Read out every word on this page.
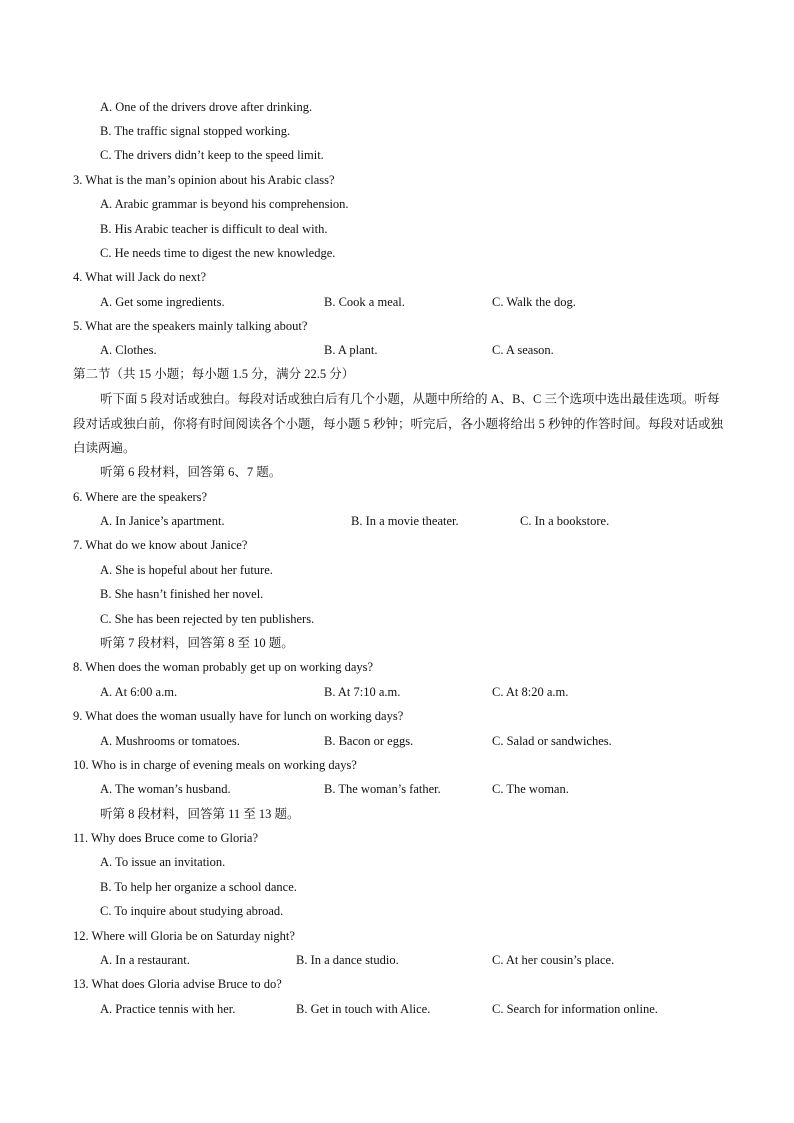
A. One of the drivers drove after drinking.
B. The traffic signal stopped working.
C. The drivers didn’t keep to the speed limit.
3. What is the man’s opinion about his Arabic class?
A. Arabic grammar is beyond his comprehension.
B. His Arabic teacher is difficult to deal with.
C. He needs time to digest the new knowledge.
4. What will Jack do next?
A. Get some ingredients.	B. Cook a meal.	C. Walk the dog.
5. What are the speakers mainly talking about?
A. Clothes.	B. A plant.	C. A season.
第二节（共 15 小题；每小题 1.5 分，满分 22.5 分）
听下面 5 段对话或独白。每段对话或独白后有几个小题，从题中所给的 A、B、C 三个选项中选出最佳选项。听每段对话或独白前，你将有时间阅读各个小题，每小题 5 秒钟；听完后，各小题将给出 5 秒钟的作答时间。每段对话或独白读两遍。
听第 6 段材料，回答第 6、7 题。
6. Where are the speakers?
A. In Janice’s apartment.	B. In a movie theater.	C. In a bookstore.
7. What do we know about Janice?
A. She is hopeful about her future.
B. She hasn’t finished her novel.
C. She has been rejected by ten publishers.
听第 7 段材料，回答第 8 至 10 题。
8. When does the woman probably get up on working days?
A. At 6:00 a.m.	B. At 7:10 a.m.	C. At 8:20 a.m.
9. What does the woman usually have for lunch on working days?
A. Mushrooms or tomatoes.	B. Bacon or eggs.	C. Salad or sandwiches.
10. Who is in charge of evening meals on working days?
A. The woman’s husband.	B. The woman’s father.	C. The woman.
听第 8 段材料，回答第 11 至 13 题。
11. Why does Bruce come to Gloria?
A. To issue an invitation.
B. To help her organize a school dance.
C. To inquire about studying abroad.
12. Where will Gloria be on Saturday night?
A. In a restaurant.	B. In a dance studio.	C. At her cousin’s place.
13. What does Gloria advise Bruce to do?
A. Practice tennis with her.	B. Get in touch with Alice.	C. Search for information online.
